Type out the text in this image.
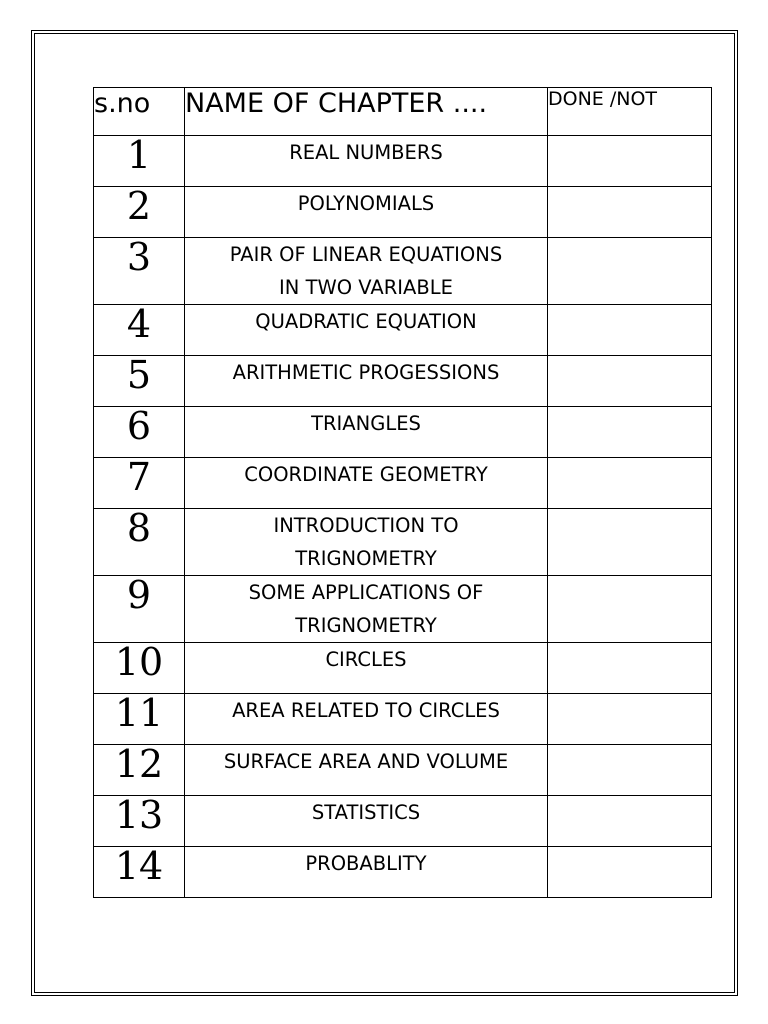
s.no	NAME OF CHAPTER ....	DONE /NOT
1	REAL NUMBERS	

2	POLYNOMIALS	

3	PAIR OF LINEAR EQUATIONS
IN TWO VARIABLE	

4	QUADRATIC EQUATION	

5	ARITHMETIC PROGESSIONS	

6	TRIANGLES	

7	COORDINATE GEOMETRY	

8	INTRODUCTION TO
TRIGNOMETRY	

9	SOME APPLICATIONS OF
TRIGNOMETRY	

10	CIRCLES	

11	AREA RELATED TO CIRCLES	

12	SURFACE AREA AND VOLUME	

13	STATISTICS	

14	PROBABLITY	
